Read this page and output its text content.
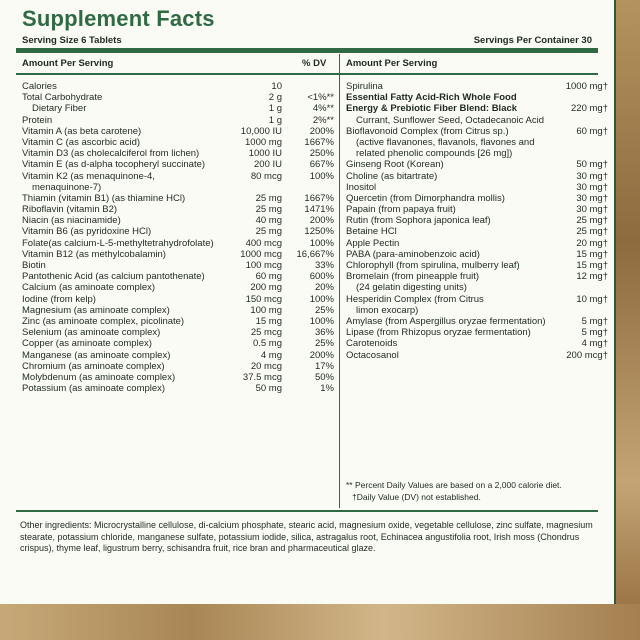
Supplement Facts
Serving Size 6 Tablets	Servings Per Container 30
Amount Per Serving	% DV Amount Per Serving
Calories	10
Total Carbohydrate	2 g	<1%**
Dietary Fiber	1 g	4%**
Protein	1 g	2%**
Vitamin A (as beta carotene)	10,000 IU	200%
Vitamin C (as ascorbic acid)	1000 mg	1667%
Vitamin D3 (as cholecalciferol from lichen)	1000 IU	250%
Vitamin E (as d-alpha tocopheryl succinate)	200 IU	667%
Vitamin K2 (as menaquinone-4,
menaquinone-7)
80 mcg	100%
Thiamin (vitamin B1) (as thiamine HCl)	25 mg	1667%
Riboflavin (vitamin B2)	25 mg	1471%
Niacin (as niacinamide)	40 mg	200%
Vitamin B6 (as pyridoxine HCl)	25 mg	1250%
Folate(as calcium-L-5-methyltetrahydrofolate)	400 mcg	100%
Vitamin B12 (as methylcobalamin)	1000 mcg 16,667%
Biotin	100 mcg	33%
Pantothenic Acid (as calcium pantothenate)	60 mg	600%
Calcium (as aminoate complex)	200 mg	20%
Iodine (from kelp)	150 mcg	100%
Magnesium (as aminoate complex)	100 mg	25%
Zinc (as aminoate complex, picolinate)	15 mg	100%
Selenium (as aminoate complex)	25 mcg	36%
Copper (as aminoate complex)	0.5 mg	25%
Manganese (as aminoate complex)	4 mg	200%
Chromium (as aminoate complex)	20 mcg	17%
Molybdenum (as aminoate complex)	37.5 mcg	50%
Potassium (as aminoate complex)	50 mg	1%
Spirulina	1000 mg†
Essential Fatty Acid-Rich Whole Food
Energy & Prebiotic Fiber Blend: Black	220 mg†
Currant, Sunflower Seed, Octadecanoic Acid
Bioflavonoid Complex (from Citrus sp.)	60 mg†
(active flavanones, flavanols, flavones and
related phenolic compounds [26 mg])
Ginseng Root (Korean)	50 mg†
Choline (as bitartrate)	30 mg†
Inositol	30 mg†
Quercetin (from Dimorphandra mollis)	30 mg†
Papain (from papaya fruit)	30 mg†
Rutin (from Sophora japonica leaf)	25 mg†
Betaine HCl	25 mg†
Apple Pectin	20 mg†
PABA (para-aminobenzoic acid)	15 mg†
Chlorophyll (from spirulina, mulberry leaf)	15 mg†
Bromelain (from pineapple fruit)	12 mg†
(24 gelatin digesting units)
Hesperidin Complex (from Citrus	10 mg†
limon exocarp)
Amylase (from Aspergillus oryzae fermentation)	5 mg†
Lipase (from Rhizopus oryzae fermentation)	5 mg†
Carotenoids	4 mg†
Octacosanol	200 mcg†
** Percent Daily Values are based on a 2,000 calorie diet.
†Daily Value (DV) not established.
Other ingredients: Microcrystalline cellulose, di-calcium phosphate, stearic acid, magnesium oxide, vegetable cellulose, zinc sulfate, magnesium stearate, potassium chloride, manganese sulfate, potassium iodide, silica, astragalus root, Echinacea angustifolia root, Irish moss (Chondrus crispus), thyme leaf, ligustrum berry, schisandra fruit, rice bran and pharmaceutical glaze.
